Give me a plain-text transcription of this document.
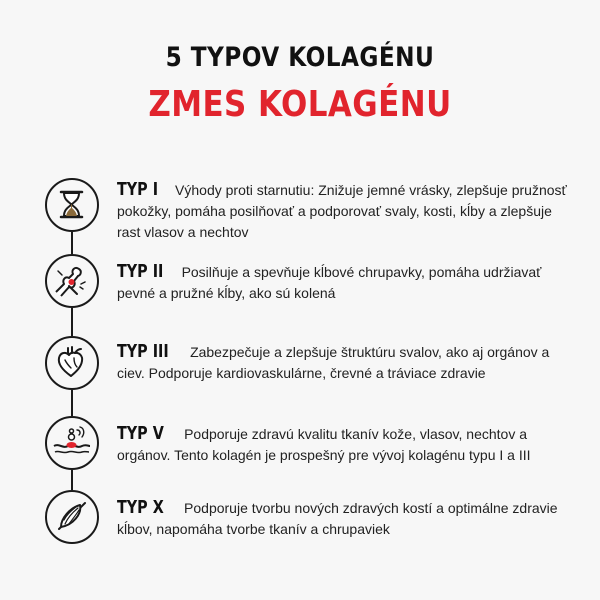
5 TYPOV KOLAGÉNU
ZMES KOLAGÉNU
TYP I Výhody proti starnutiu: Znižuje jemné vrásky, zlepšuje pružnosť pokožky, pomáha posilňovať a podporovať svaly, kosti, kĺby a zlepšuje rast vlasov a nechtov
TYP II Posilňuje a spevňuje kĺbové chrupavky, pomáha udržiavať pevné a pružné kĺby, ako sú kolená
TYP III Zabezpečuje a zlepšuje štruktúru svalov, ako aj orgánov a ciev. Podporuje kardiovaskulárne, črevné a tráviace zdravie
TYP V Podporuje zdravú kvalitu tkanív kože, vlasov, nechtov a orgánov. Tento kolagén je prospešný pre vývoj kolagénu typu I a III
TYP X Podporuje tvorbu nových zdravých kostí a optimálne zdravie kĺbov, napomáha tvorbe tkanív a chrupaviek
